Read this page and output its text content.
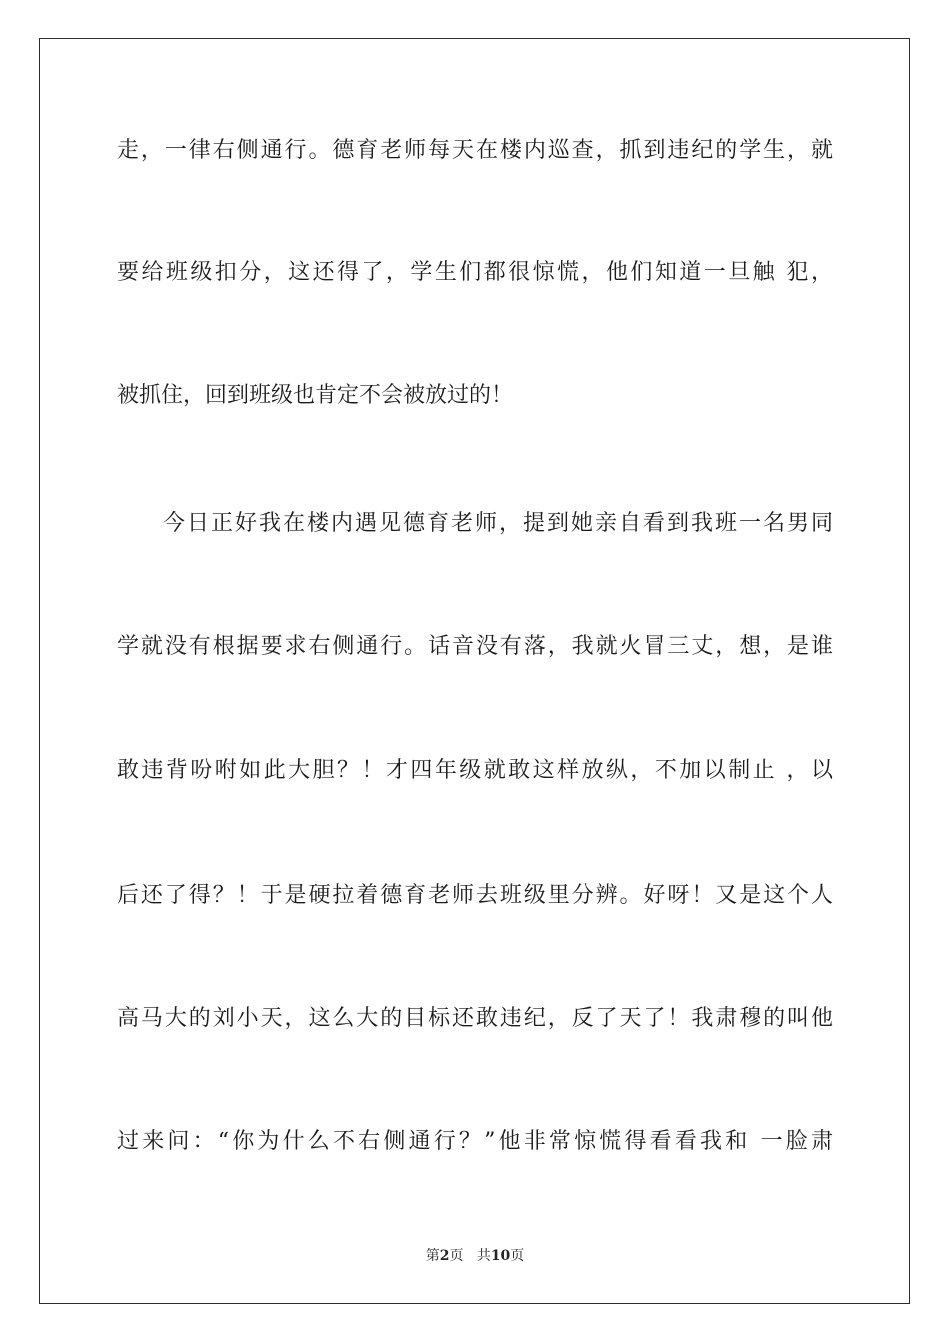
走，一律右侧通行。德育老师每天在楼内巡查，抓到违纪的学生，就
要给班级扣分，这还得了，学生们都很惊慌，他们知道一旦触 犯，
被抓住，回到班级也肯定不会被放过的！
今日正好我在楼内遇见德育老师，提到她亲自看到我班一名男同
学就没有根据要求右侧通行。话音没有落，我就火冒三丈，想，是谁
敢违背吩咐如此大胆？！才四年级就敢这样放纵，不加以制止 ，以
后还了得？！于是硬拉着德育老师去班级里分辨。好呀！又是这个人
高马大的刘小天，这么大的目标还敢违纪，反了天了！我肃穆的叫他
过来问：“你为什么不右侧通行？”他非常惊慌得看看我和 一脸肃
第2页 共10页
